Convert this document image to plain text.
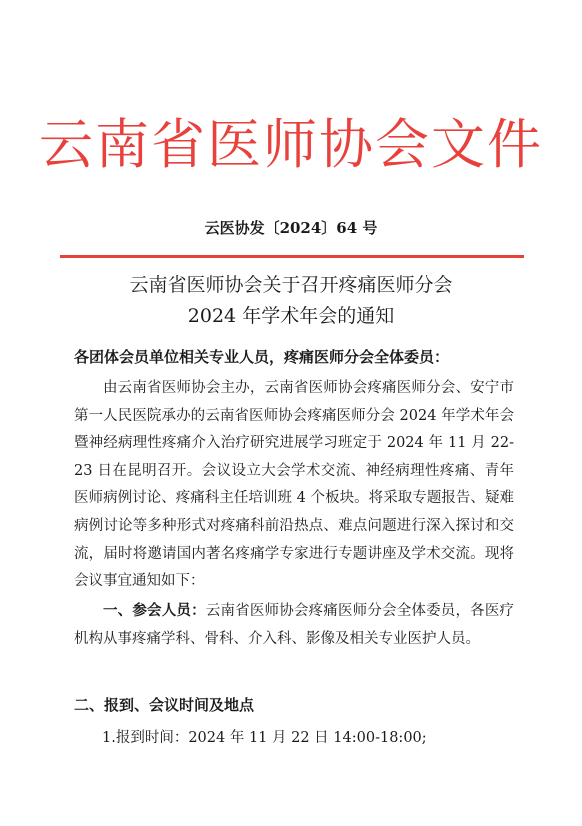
云南省医师协会文件
云医协发〔2024〕64 号
云南省医师协会关于召开疼痛医师分会
2024 年学术年会的通知
各团体会员单位相关专业人员，疼痛医师分会全体委员：
由云南省医师协会主办，云南省医师协会疼痛医师分会、安宁市第一人民医院承办的云南省医师协会疼痛医师分会 2024 年学术年会暨神经病理性疼痛介入治疗研究进展学习班定于 2024 年 11 月 22-23 日在昆明召开。会议设立大会学术交流、神经病理性疼痛、青年医师病例讨论、疼痛科主任培训班 4 个板块。将采取专题报告、疑难病例讨论等多种形式对疼痛科前沿热点、难点问题进行深入探讨和交流，届时将邀请国内著名疼痛学专家进行专题讲座及学术交流。现将会议事宜通知如下：
一、参会人员：云南省医师协会疼痛医师分会全体委员，各医疗机构从事疼痛学科、骨科、介入科、影像及相关专业医护人员。
二、报到、会议时间及地点
1.报到时间：2024 年 11 月 22 日 14:00-18:00;
